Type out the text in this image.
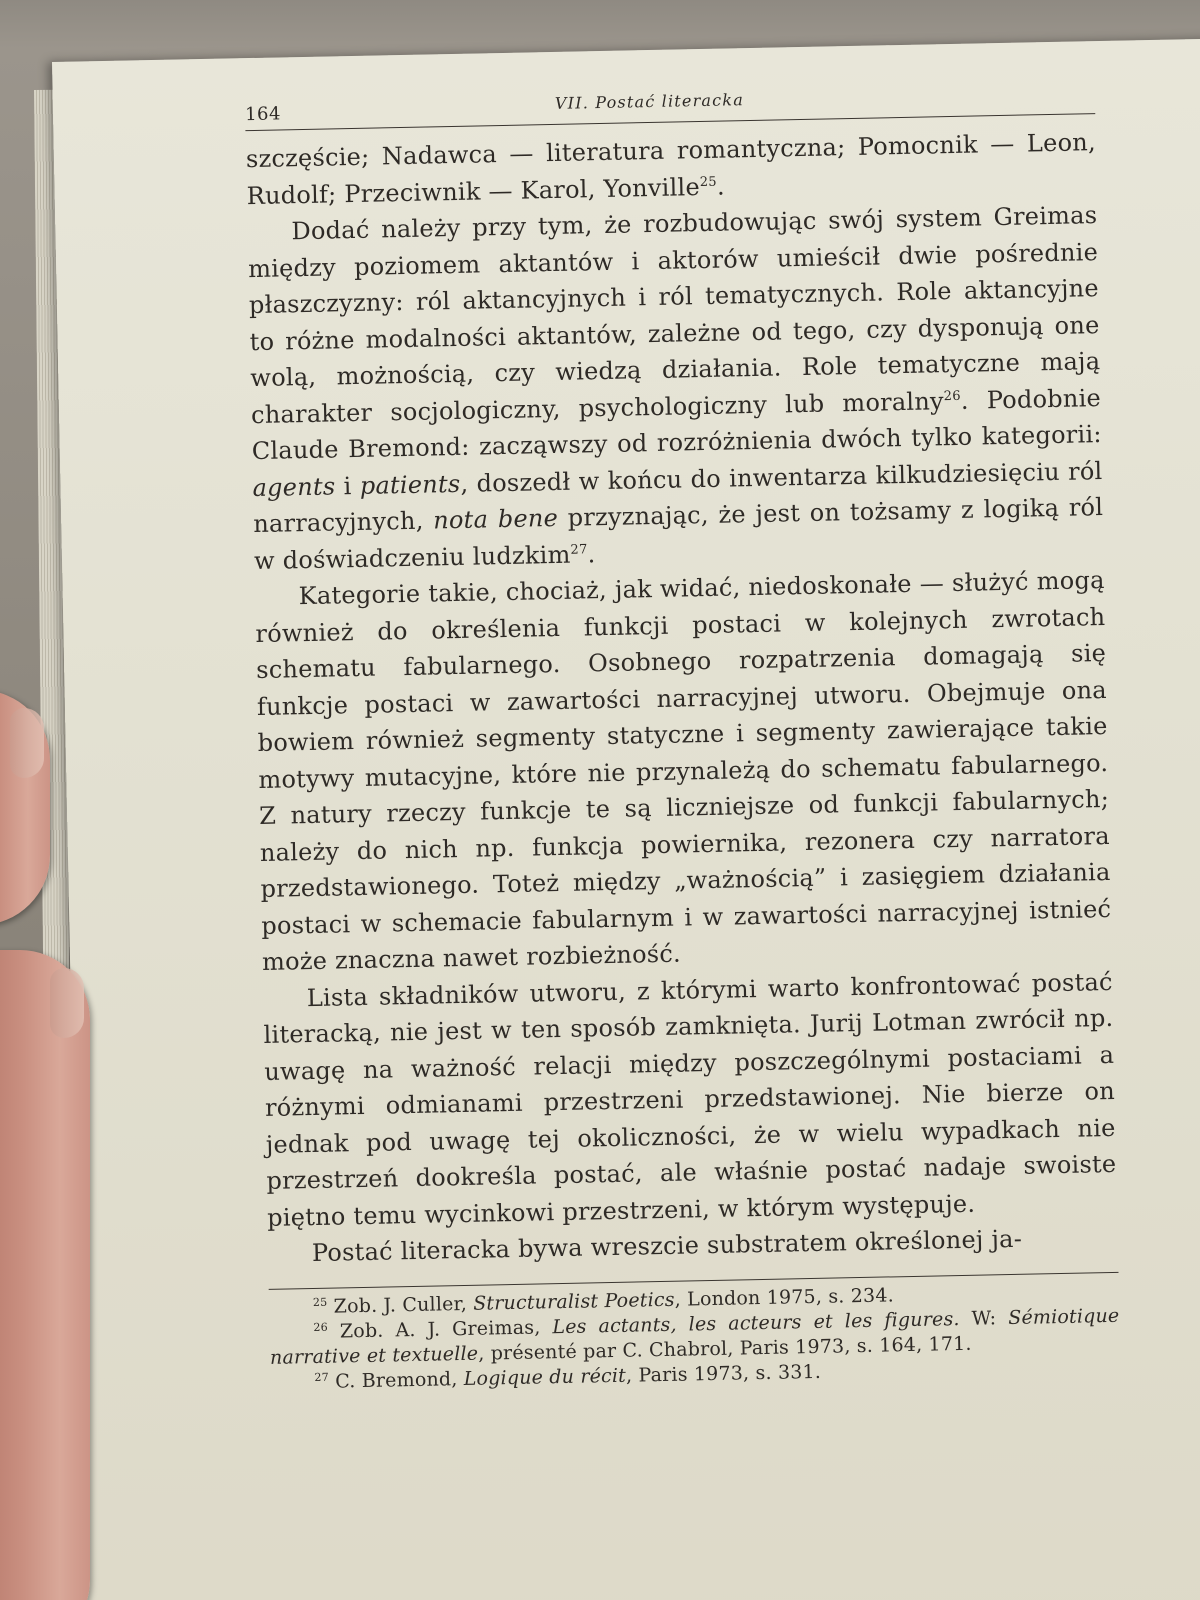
164
VII. Postać literacka

szczęście; Nadawca — literatura romantyczna; Pomocnik — Leon, Rudolf; Przeciwnik — Karol, Yonville$^{25}$.

Dodać należy przy tym, że rozbudowując swój system Greimas między poziomem aktantów i aktorów umieścił dwie pośrednie płaszczyzny: ról aktancyjnych i ról tematycznych. Role aktancyjne to różne modalności aktantów, zależne od tego, czy dysponują one wolą, możnością, czy wiedzą działania. Role tematyczne mają charakter socjologiczny, psychologiczny lub moralny$^{26}$. Podobnie Claude Bremond: zacząwszy od rozróżnienia dwóch tylko kategorii: agents i patients, doszedł w końcu do inwentarza kilkudziesięciu ról narracyjnych, nota bene przyznając, że jest on tożsamy z logiką ról w doświadczeniu ludzkim$^{27}$.

Kategorie takie, chociaż, jak widać, niedoskonałe — służyć mogą również do określenia funkcji postaci w kolejnych zwrotach schematu fabularnego. Osobnego rozpatrzenia domagają się funkcje postaci w zawartości narracyjnej utworu. Obejmuje ona bowiem również segmenty statyczne i segmenty zawierające takie motywy mutacyjne, które nie przynależą do schematu fabularnego. Z natury rzeczy funkcje te są liczniejsze od funkcji fabularnych; należy do nich np. funkcja powiernika, rezonera czy narratora przedstawionego. Toteż między „ważnością” i zasięgiem działania postaci w schemacie fabularnym i w zawartości narracyjnej istnieć może znaczna nawet rozbieżność.

Lista składników utworu, z którymi warto konfrontować postać literacką, nie jest w ten sposób zamknięta. Jurij Lotman zwrócił np. uwagę na ważność relacji między poszczególnymi postaciami a różnymi odmianami przestrzeni przedstawionej. Nie bierze on jednak pod uwagę tej okoliczności, że w wielu wypadkach nie przestrzeń dookreśla postać, ale właśnie postać nadaje swoiste piętno temu wycinkowi przestrzeni, w którym występuje.

Postać literacka bywa wreszcie substratem określonej ja-

$^{25}$ Zob. J. Culler, Structuralist Poetics, London 1975, s. 234.

$^{26}$ Zob. A. J. Greimas, Les actants, les acteurs et les figures. W: Sémiotique narrative et textuelle, présenté par C. Chabrol, Paris 1973, s. 164, 171.

$^{27}$ C. Bremond, Logique du récit, Paris 1973, s. 331.
